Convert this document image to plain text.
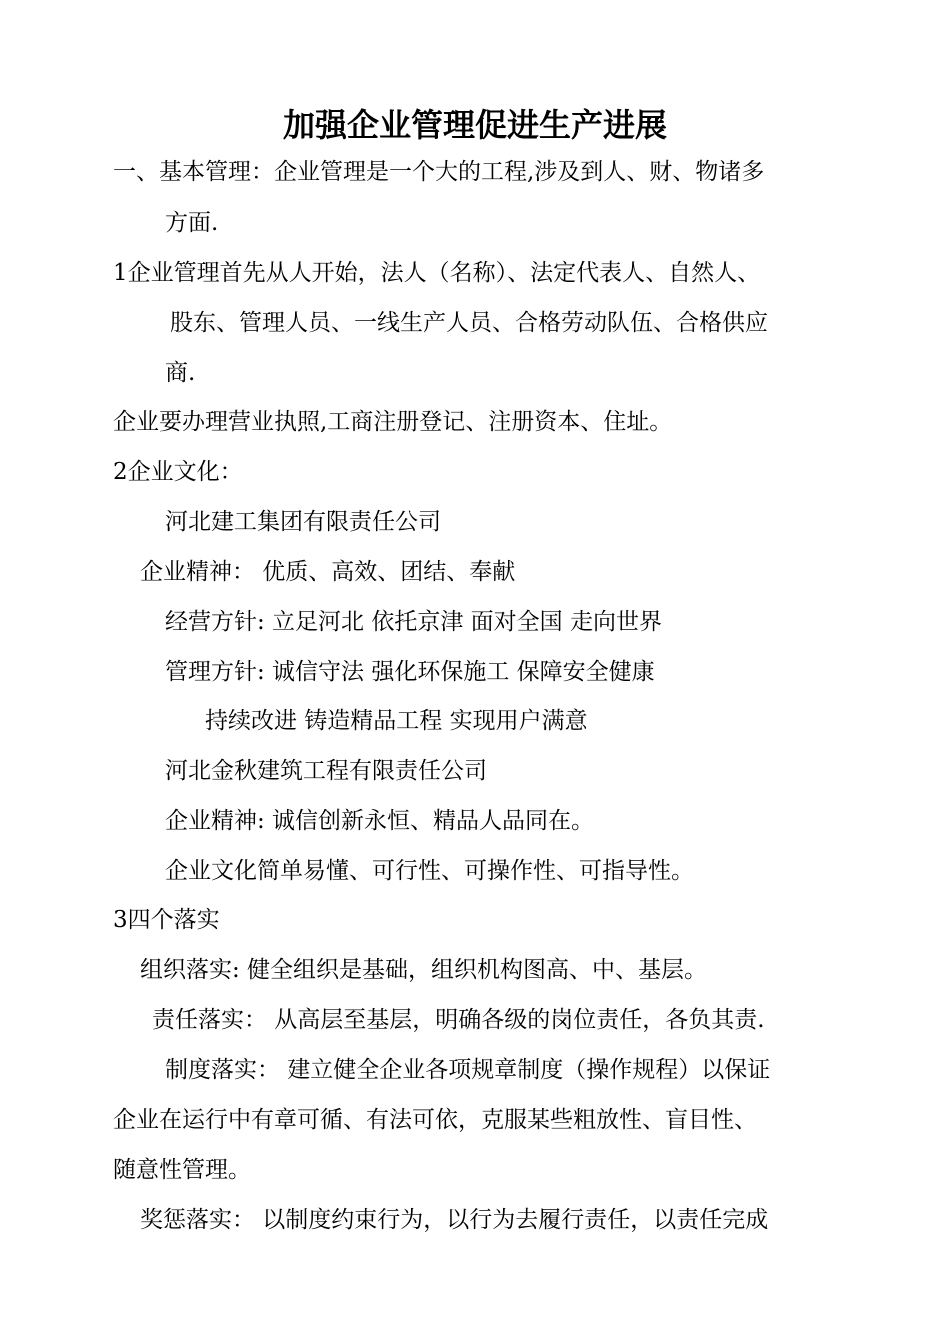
加强企业管理促进生产进展
一、基本管理：企业管理是一个大的工程,涉及到人、财、物诸多
方面.
1企业管理首先从人开始，法人（名称）、法定代表人、自然人、
股东、管理人员、一线生产人员、合格劳动队伍、合格供应
商.
企业要办理营业执照,工商注册登记、注册资本、住址。
2企业文化：
河北建工集团有限责任公司
企业精神： 优质、高效、团结、奉献
经营方针: 立足河北 依托京津 面对全国 走向世界
管理方针: 诚信守法 强化环保施工 保障安全健康
持续改进 铸造精品工程 实现用户满意
河北金秋建筑工程有限责任公司
企业精神: 诚信创新永恒、精品人品同在。
企业文化简单易懂、可行性、可操作性、可指导性。
3四个落实
组织落实: 健全组织是基础，组织机构图高、中、基层。
责任落实： 从高层至基层，明确各级的岗位责任，各负其责.
制度落实： 建立健全企业各项规章制度（操作规程）以保证
企业在运行中有章可循、有法可依，克服某些粗放性、盲目性、
随意性管理。
奖惩落实： 以制度约束行为，以行为去履行责任，以责任完成
